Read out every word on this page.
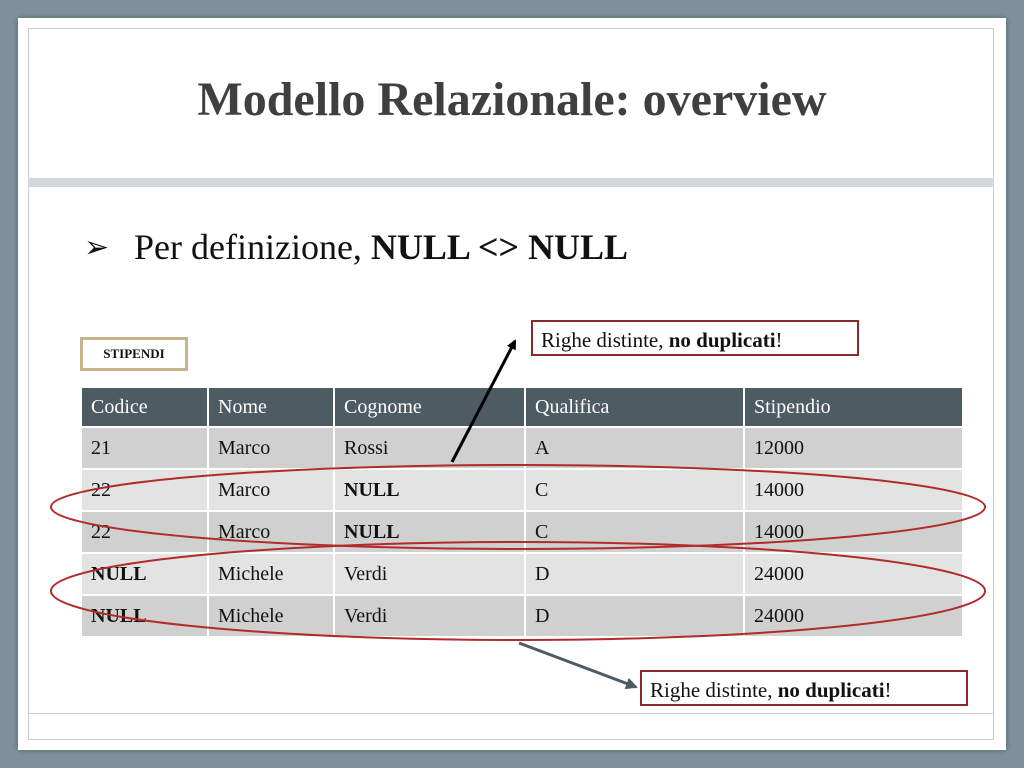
Modello Relazionale: overview
➢ Per definizione, NULL <> NULL
Righe distinte, no duplicati!
STIPENDI
Codice	Nome	Cognome	Qualifica	Stipendio
21	Marco	Rossi	A	12000
22	Marco	NULL	C	14000
22	Marco	NULL	C	14000
NULL	Michele	Verdi	D	24000
NULL	Michele	Verdi	D	24000
Righe distinte, no duplicati!
